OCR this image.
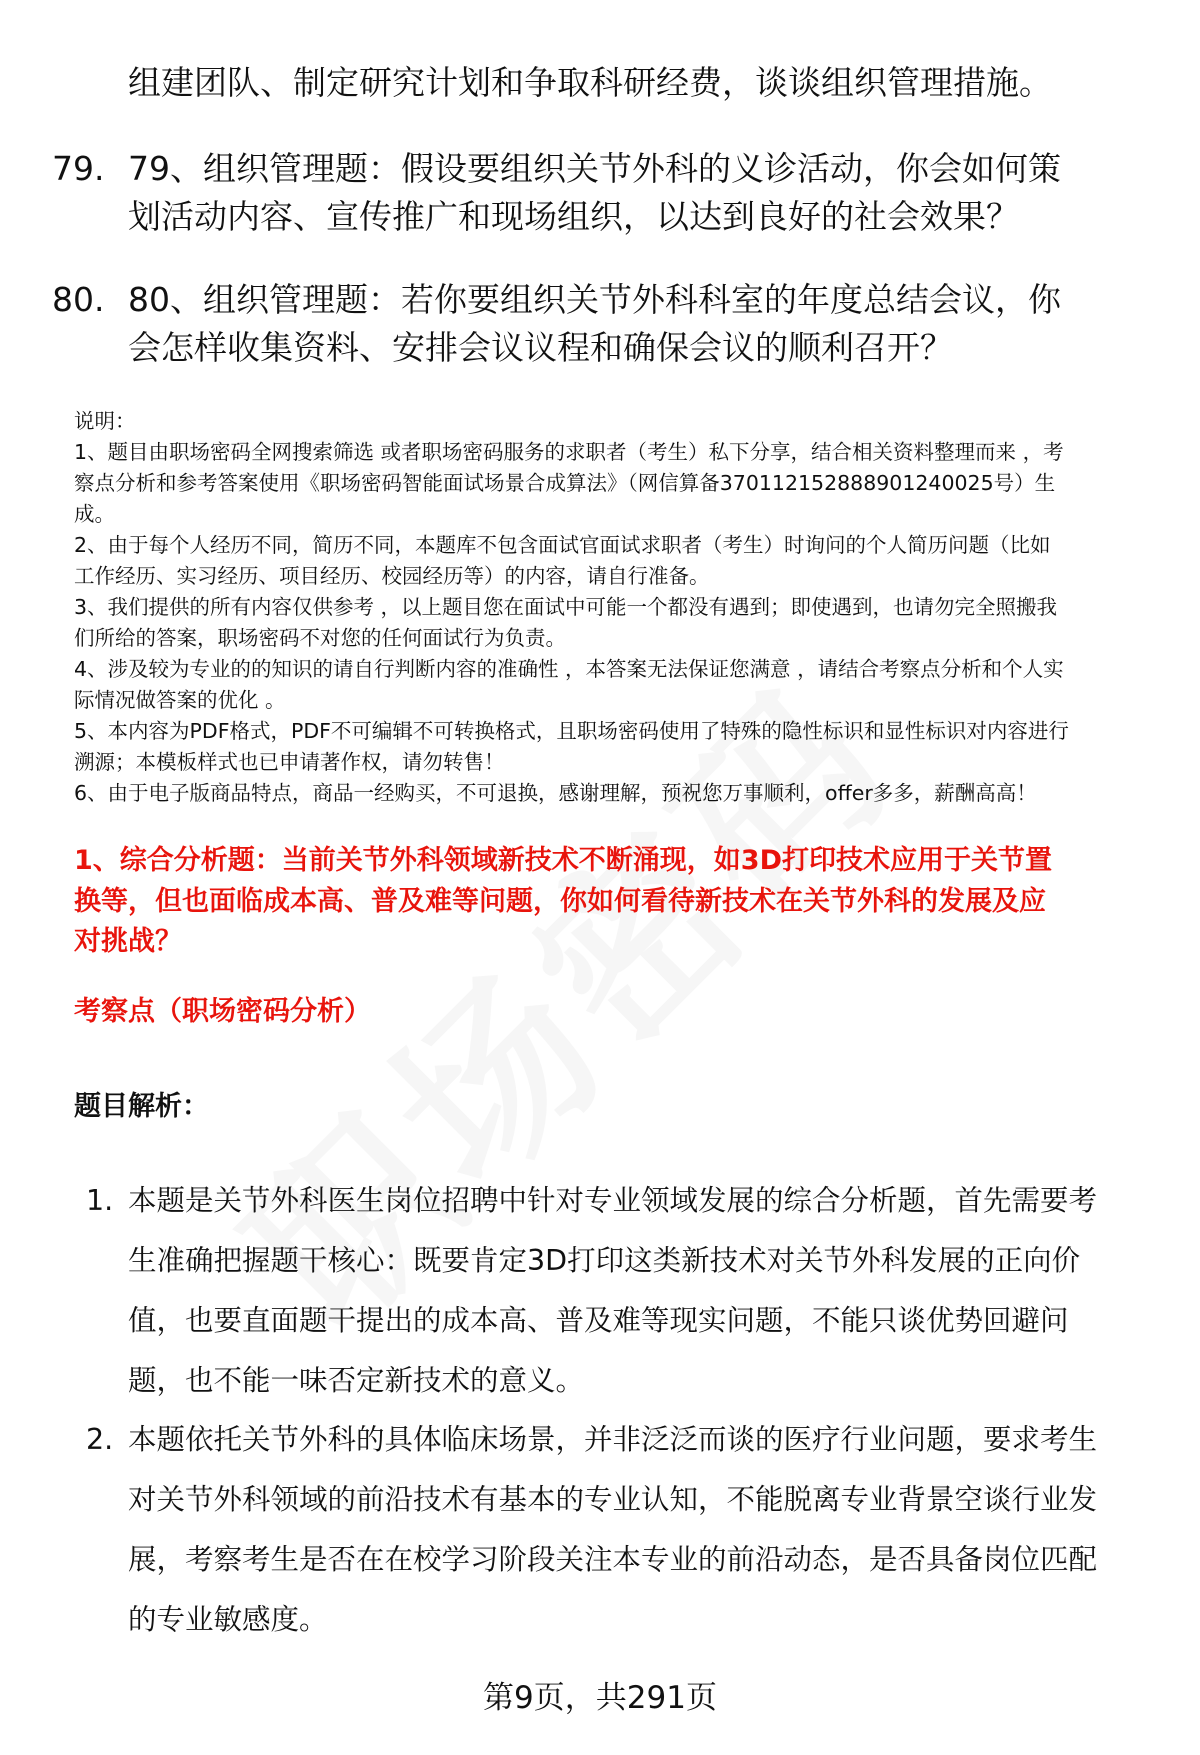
组建团队、制定研究计划和争取科研经费，谈谈组织管理措施。
79. 79、组织管理题：假设要组织关节外科的义诊活动，你会如何策
划活动内容、宣传推广和现场组织，以达到良好的社会效果？
80. 80、组织管理题：若你要组织关节外科科室的年度总结会议，你
会怎样收集资料、安排会议议程和确保会议的顺利召开？
说明：
1、题目由职场密码全网搜索筛选 或者职场密码服务的求职者（考生）私下分享，结合相关资料整理而来 ，考
察点分析和参考答案使用《职场密码智能面试场景合成算法》（网信算备370112152888901240025号）生
成。
2、由于每个人经历不同，简历不同，本题库不包含面试官面试求职者（考生）时询问的个人简历问题（比如
工作经历、实习经历、项目经历、校园经历等）的内容，请自行准备。
3、我们提供的所有内容仅供参考 ，以上题目您在面试中可能一个都没有遇到；即使遇到，也请勿完全照搬我
们所给的答案，职场密码不对您的任何面试行为负责。
4、涉及较为专业的的知识的请自行判断内容的准确性 ，本答案无法保证您满意 ，请结合考察点分析和个人实
际情况做答案的优化 。
5、本内容为PDF格式，PDF不可编辑不可转换格式，且职场密码使用了特殊的隐性标识和显性标识对内容进行
溯源；本模板样式也已申请著作权，请勿转售！
6、由于电子版商品特点，商品一经购买，不可退换，感谢理解，预祝您万事顺利，offer多多，薪酬高高！
1、综合分析题：当前关节外科领域新技术不断涌现，如3D打印技术应用于关节置
换等，但也面临成本高、普及难等问题，你如何看待新技术在关节外科的发展及应
对挑战？
考察点（职场密码分析）
题目解析：
1. 本题是关节外科医生岗位招聘中针对专业领域发展的综合分析题，首先需要考
生准确把握题干核心：既要肯定3D打印这类新技术对关节外科发展的正向价
值，也要直面题干提出的成本高、普及难等现实问题，不能只谈优势回避问
题，也不能一味否定新技术的意义。
2. 本题依托关节外科的具体临床场景，并非泛泛而谈的医疗行业问题，要求考生
对关节外科领域的前沿技术有基本的专业认知，不能脱离专业背景空谈行业发
展，考察考生是否在在校学习阶段关注本专业的前沿动态，是否具备岗位匹配
的专业敏感度。
第9页，共291页
